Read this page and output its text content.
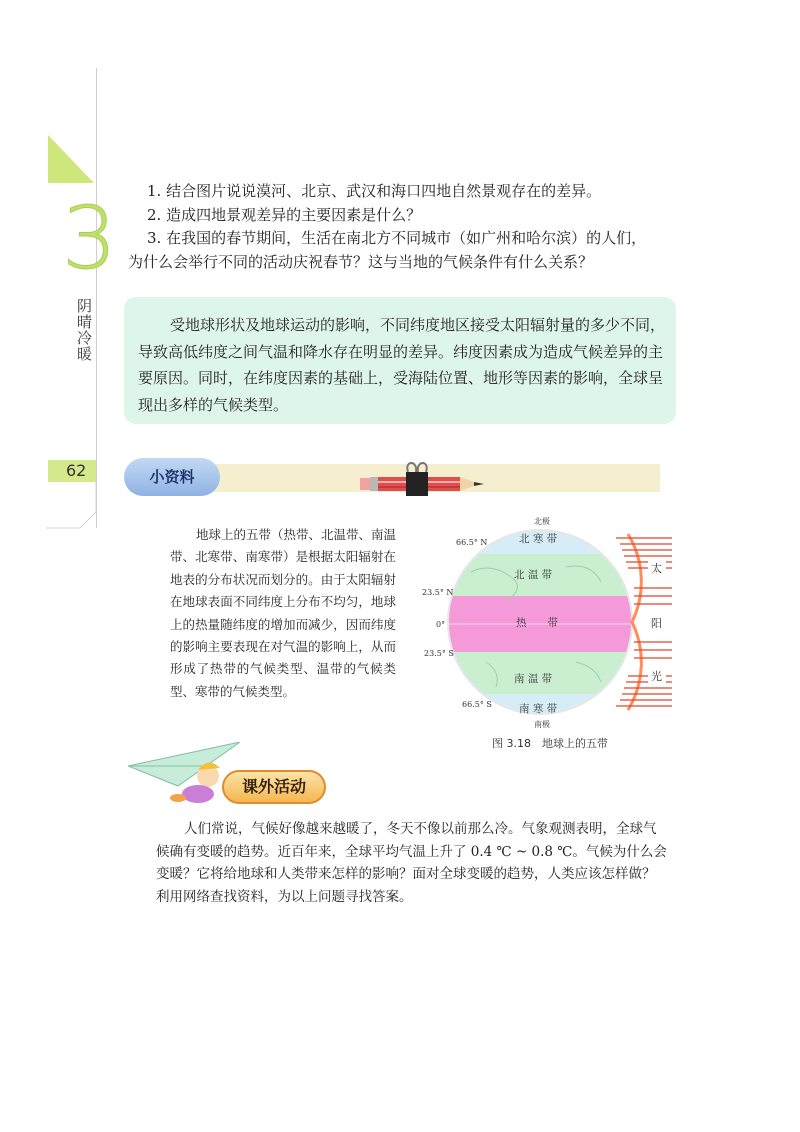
3
阴晴冷暖
62

1. 结合图片说说漠河、北京、武汉和海口四地自然景观存在的差异。

2. 造成四地景观差异的主要因素是什么？

3. 在我国的春节期间，生活在南北方不同城市（如广州和哈尔滨）的人们，

为什么会举行不同的活动庆祝春节？这与当地的气候条件有什么关系？

受地球形状及地球运动的影响，不同纬度地区接受太阳辐射量的多少不同，导致高低纬度之间气温和降水存在明显的差异。纬度因素成为造成气候差异的主要原因。同时，在纬度因素的基础上，受海陆位置、地形等因素的影响，全球呈现出多样的气候类型。

小资料

地球上的五带（热带、北温带、南温带、北寒带、南寒带）是根据太阳辐射在地表的分布状况而划分的。由于太阳辐射在地球表面不同纬度上分布不均匀，地球上的热量随纬度的增加而减少，因而纬度的影响主要表现在对气温的影响上，从而形成了热带的气候类型、温带的气候类型、寒带的气候类型。

北极
南极
66.5° N
23.5° N
0°
23.5° S
66.5° S
北 寒 带
北 温 带
热　　带
南 温 带
南 寒 带
太
阳
光
图 3.18　地球上的五带
课外活动

人们常说，气候好像越来越暖了，冬天不像以前那么冷。气象观测表明，全球气候确有变暖的趋势。近百年来，全球平均气温上升了 0.4 ℃ ~ 0.8 ℃。气候为什么会变暖？它将给地球和人类带来怎样的影响？面对全球变暖的趋势，人类应该怎样做？利用网络查找资料，为以上问题寻找答案。
